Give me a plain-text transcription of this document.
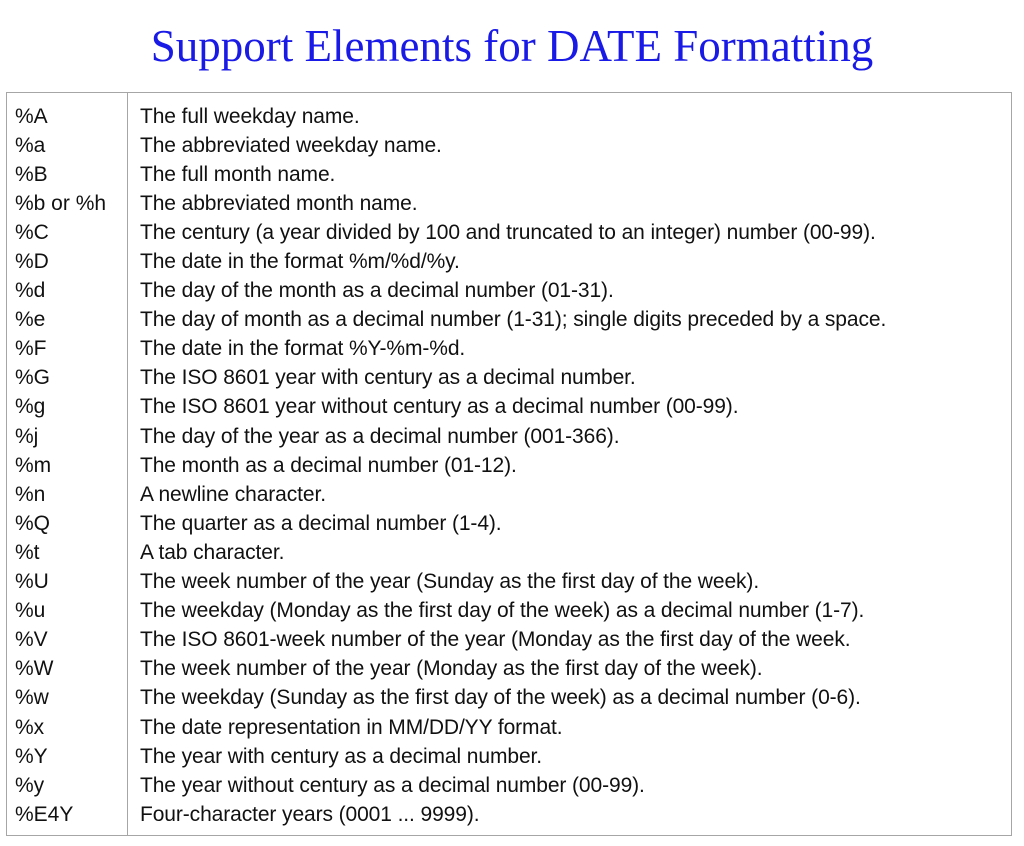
Support Elements for DATE Formatting
%A	The full weekday name.
%a	The abbreviated weekday name.
%B	The full month name.
%b or %h	The abbreviated month name.
%C	The century (a year divided by 100 and truncated to an integer) number (00-99).
%D	The date in the format %m/%d/%y.
%d	The day of the month as a decimal number (01-31).
%e	The day of month as a decimal number (1-31); single digits preceded by a space.
%F	The date in the format %Y-%m-%d.
%G	The ISO 8601 year with century as a decimal number.
%g	The ISO 8601 year without century as a decimal number (00-99).
%j	The day of the year as a decimal number (001-366).
%m	The month as a decimal number (01-12).
%n	A newline character.
%Q	The quarter as a decimal number (1-4).
%t	A tab character.
%U	The week number of the year (Sunday as the first day of the week).
%u	The weekday (Monday as the first day of the week) as a decimal number (1-7).
%V	The ISO 8601-week number of the year (Monday as the first day of the week.
%W	The week number of the year (Monday as the first day of the week).
%w	The weekday (Sunday as the first day of the week) as a decimal number (0-6).
%x	The date representation in MM/DD/YY format.
%Y	The year with century as a decimal number.
%y	The year without century as a decimal number (00-99).
%E4Y	Four-character years (0001 ... 9999).
